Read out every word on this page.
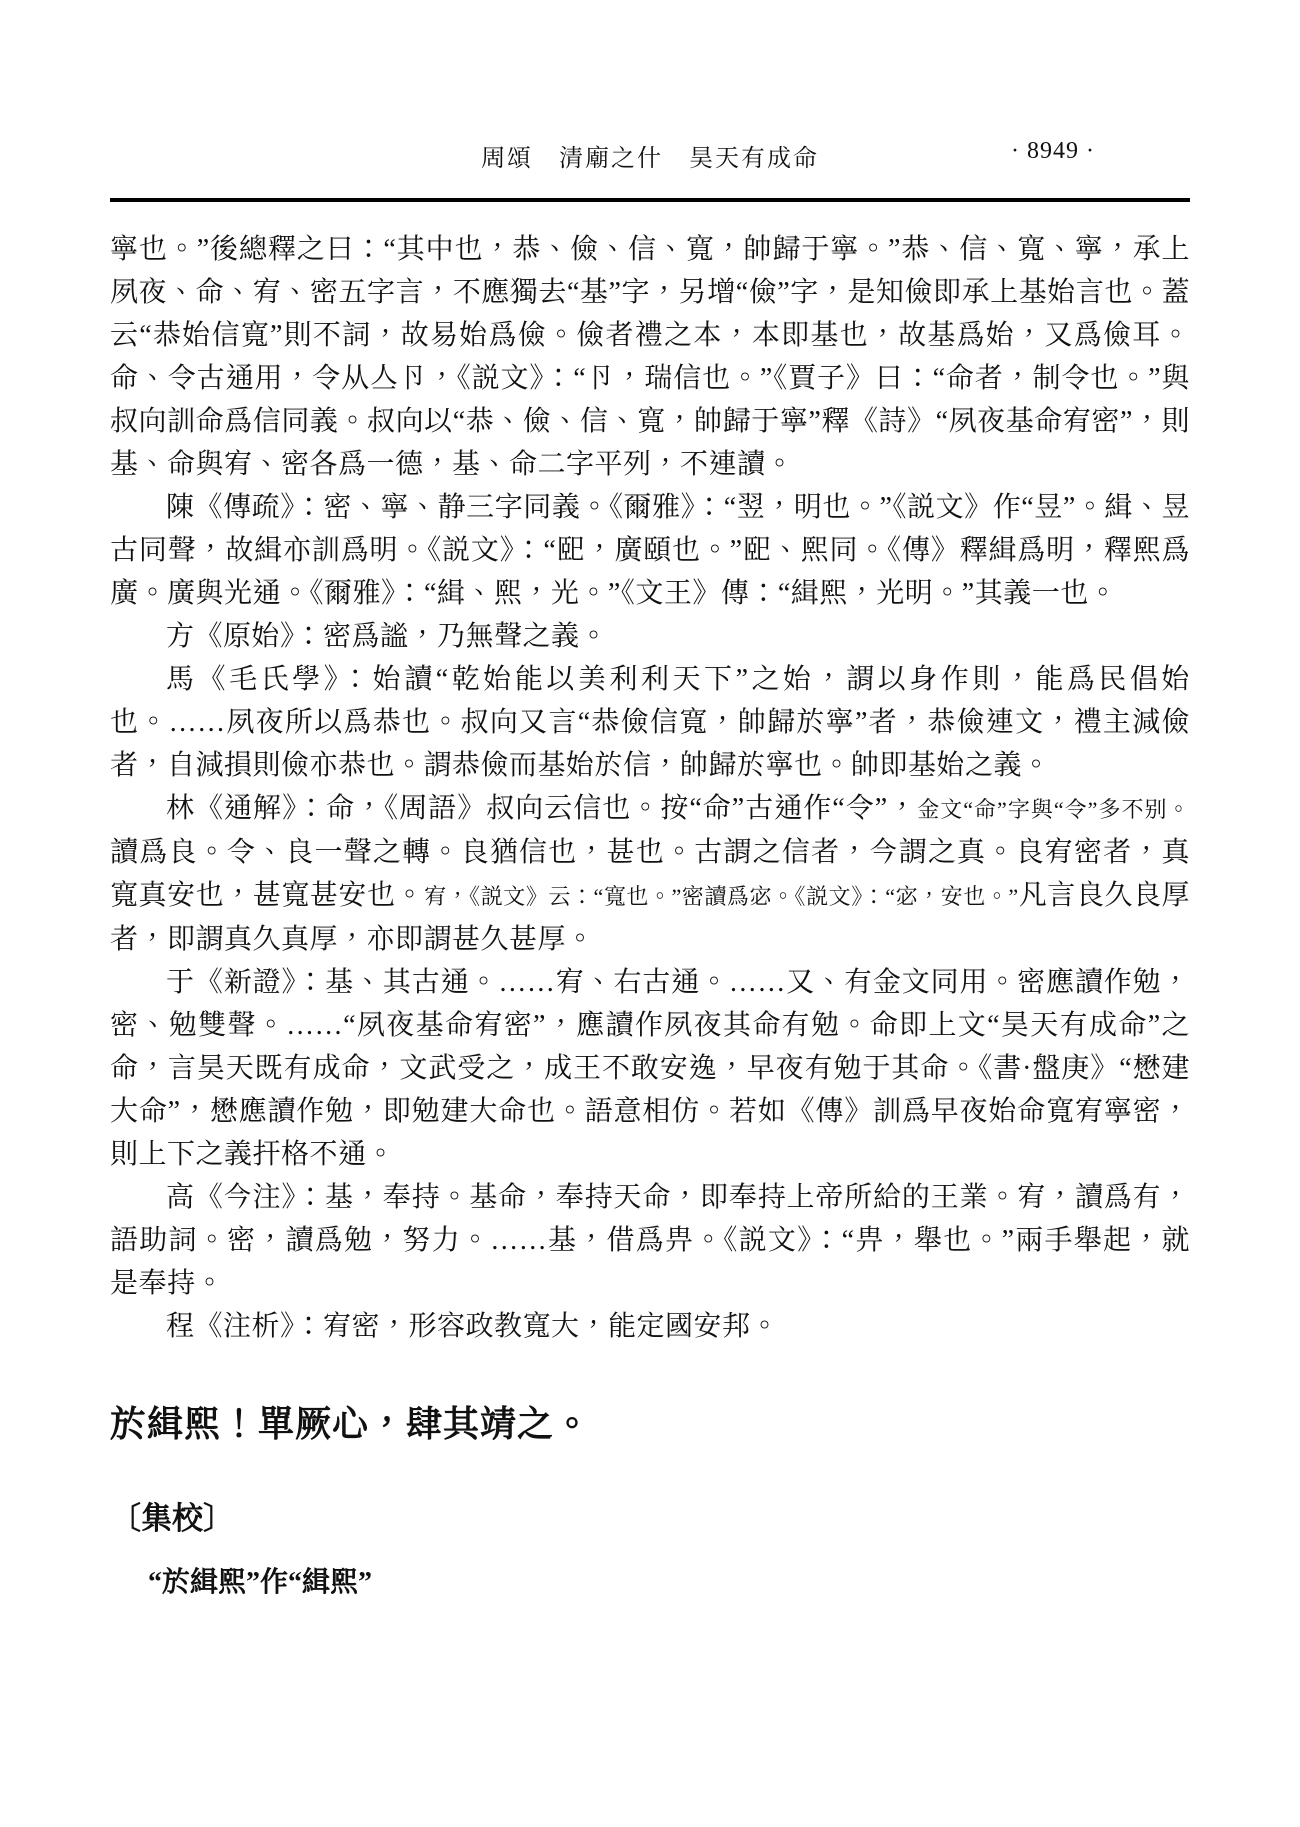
周頌　清廟之什　昊天有成命	· 8949 ·

寧也。”後總釋之曰：“其中也，恭、儉、信、寬，帥歸于寧。”恭、信、寬、寧，承上夙夜、命、宥、密五字言，不應獨去“基”字，另增“儉”字，是知儉即承上基始言也。蓋云“恭始信寬”則不詞，故易始爲儉。儉者禮之本，本即基也，故基爲始，又爲儉耳。命、令古通用，令从亼卪，《説文》：“卪，瑞信也。”《賈子》曰：“命者，制令也。”與叔向訓命爲信同義。叔向以“恭、儉、信、寬，帥歸于寧”釋《詩》“夙夜基命宥密”，則基、命與宥、密各爲一德，基、命二字平列，不連讀。

陳《傳疏》：密、寧、静三字同義。《爾雅》：“翌，明也。”《説文》作“昱”。緝、昱古同聲，故緝亦訓爲明。《説文》：“巸，廣頤也。”巸、熙同。《傳》釋緝爲明，釋熙爲廣。廣與光通。《爾雅》：“緝、熙，光。”《文王》傳：“緝熙，光明。”其義一也。

方《原始》：密爲謐，乃無聲之義。

馬《毛氏學》：始讀“乾始能以美利利天下”之始，謂以身作則，能爲民倡始也。……夙夜所以爲恭也。叔向又言“恭儉信寬，帥歸於寧”者，恭儉連文，禮主減儉者，自減損則儉亦恭也。謂恭儉而基始於信，帥歸於寧也。帥即基始之義。

林《通解》：命，《周語》叔向云信也。按“命”古通作“令”，金文“命”字與“令”多不别。讀爲良。令、良一聲之轉。良猶信也，甚也。古謂之信者，今謂之真。良宥密者，真寬真安也，甚寬甚安也。宥，《説文》云：“寬也。”密讀爲宓。《説文》：“宓，安也。”凡言良久良厚者，即謂真久真厚，亦即謂甚久甚厚。

于《新證》：基、其古通。……宥、右古通。……又、有金文同用。密應讀作勉，密、勉雙聲。……“夙夜基命宥密”，應讀作夙夜其命有勉。命即上文“昊天有成命”之命，言昊天既有成命，文武受之，成王不敢安逸，早夜有勉于其命。《書·盤庚》“懋建大命”，懋應讀作勉，即勉建大命也。語意相仿。若如《傳》訓爲早夜始命寬宥寧密，則上下之義扞格不通。

高《今注》：基，奉持。基命，奉持天命，即奉持上帝所給的王業。宥，讀爲有，語助詞。密，讀爲勉，努力。……基，借爲畁。《説文》：“畁，舉也。”兩手舉起，就是奉持。

程《注析》：宥密，形容政教寬大，能定國安邦。

於緝熙！單厥心，肆其靖之。
〔集校〕
“於緝熙”作“緝熙”
